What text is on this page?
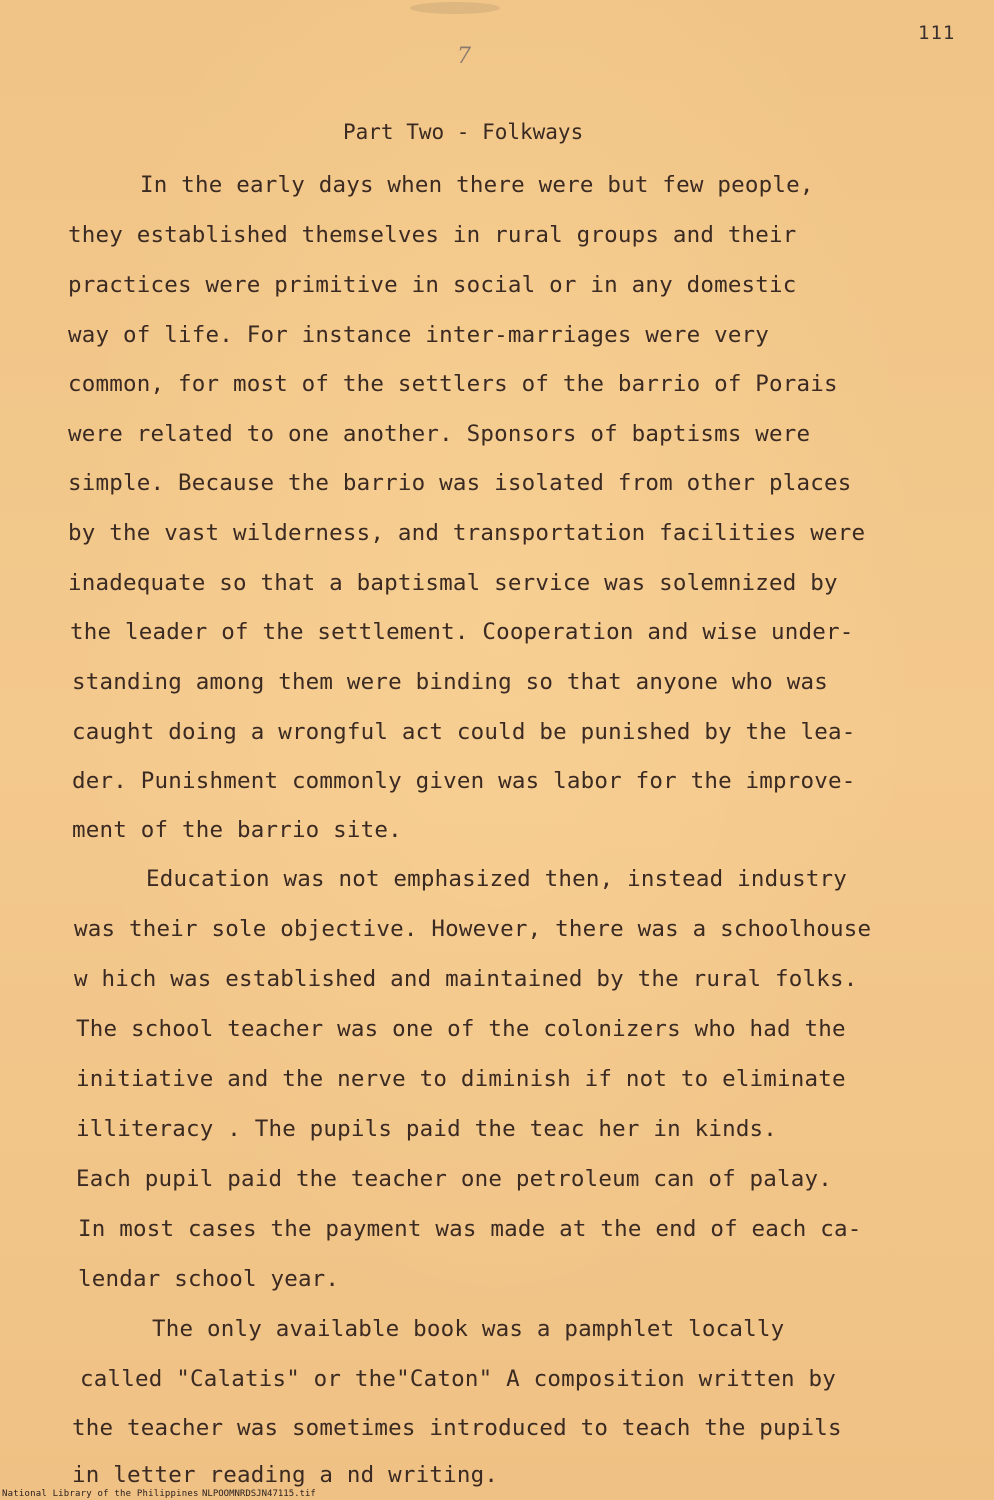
111
7
Part Two - Folkways
In the early days when there were but few people,
they established themselves in rural groups and their
practices were primitive in social or in any domestic
way of life. For instance inter-marriages were very
common, for most of the settlers of the barrio of Porais
were related to one another. Sponsors of baptisms were
simple. Because the barrio was isolated from other places
by the vast wilderness, and transportation facilities were
inadequate so that a baptismal service was solemnized by
the leader of the settlement. Cooperation and wise under-
standing among them were binding so that anyone who was
caught doing a wrongful act could be punished by the lea-
der. Punishment commonly given was labor for the improve-
ment of the barrio site.
Education was not emphasized then, instead industry
was their sole objective. However, there was a schoolhouse
w hich was established and maintained by the rural folks.
The school teacher was one of the colonizers who had the
initiative and the nerve to diminish if not to eliminate
illiteracy . The pupils paid the teac her in kinds.
Each pupil paid the teacher one petroleum can of palay.
In most cases the payment was made at the end of each ca-
lendar school year.
The only available book was a pamphlet locally
called "Calatis" or the"Caton" A composition written by
the teacher was sometimes introduced to teach the pupils
in letter reading a nd writing.
National Library of the Philippines NLPOOMNRDSJN47115.tif
